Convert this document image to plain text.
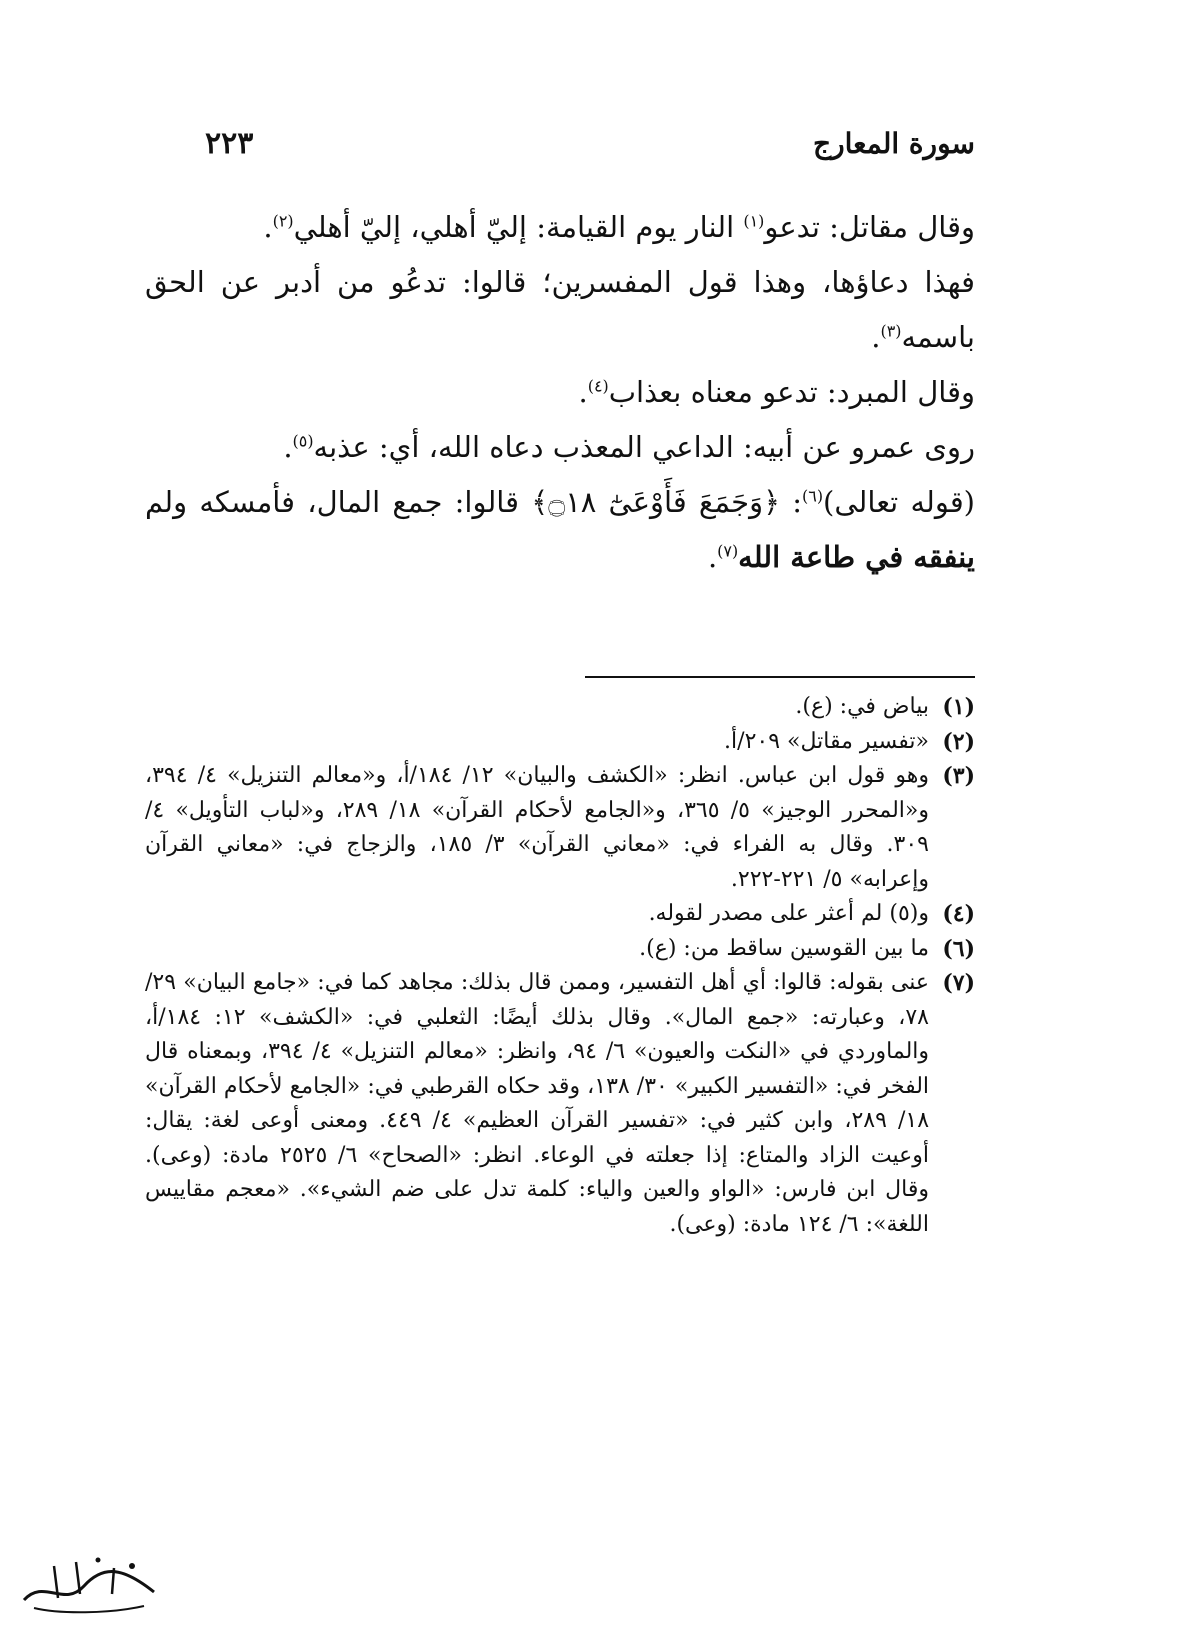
سورة المعارج
٢٢٣

وقال مقاتل: تدعو$^{(١)}$ النار يوم القيامة: إليّ أهلي، إليّ أهلي$^{(٢)}$.

فهذا دعاؤها، وهذا قول المفسرين؛ قالوا: تدعُو من أدبر عن الحق باسمه$^{(٣)}$.

وقال المبرد: تدعو معناه بعذاب$^{(٤)}$.

روى عمرو عن أبيه: الداعي المعذب دعاه الله، أي: عذبه$^{(٥)}$.

(قوله تعالى)$^{(٦)}$: ﴿وَجَمَعَ فَأَوْعَىٰٓ ۝١٨﴾ قالوا: جمع المال، فأمسكه ولم ينفقه في طاعة الله$^{(٧)}$.

(١)
بياض في: (ع).
(٢)
«تفسير مقاتل» ٢٠٩/أ.
(٣)
وهو قول ابن عباس. انظر: «الكشف والبيان» ١٢/ ١٨٤/أ، و«معالم التنزيل» ٤/ ٣٩٤، و«المحرر الوجيز» ٥/ ٣٦٥، و«الجامع لأحكام القرآن» ١٨/ ٢٨٩، و«لباب التأويل» ٤/ ٣٠٩. وقال به الفراء في: «معاني القرآن» ٣/ ١٨٥، والزجاج في: «معاني القرآن وإعرابه» ٥/ ٢٢١-٢٢٢.
(٤)
و(٥) لم أعثر على مصدر لقوله.
(٦)
ما بين القوسين ساقط من: (ع).
(٧)
عنى بقوله: قالوا: أي أهل التفسير، وممن قال بذلك: مجاهد كما في: «جامع البيان» ٢٩/ ٧٨، وعبارته: «جمع المال». وقال بذلك أيضًا: الثعلبي في: «الكشف» ١٢: ١٨٤/أ، والماوردي في «النكت والعيون» ٦/ ٩٤، وانظر: «معالم التنزيل» ٤/ ٣٩٤، وبمعناه قال الفخر في: «التفسير الكبير» ٣٠/ ١٣٨، وقد حكاه القرطبي في: «الجامع لأحكام القرآن» ١٨/ ٢٨٩، وابن كثير في: «تفسير القرآن العظيم» ٤/ ٤٤٩. ومعنى أوعى لغة: يقال: أوعيت الزاد والمتاع: إذا جعلته في الوعاء. انظر: «الصحاح» ٦/ ٢٥٢٥ مادة: (وعى). وقال ابن فارس: «الواو والعين والياء: كلمة تدل على ضم الشيء». «معجم مقاييس اللغة»: ٦/ ١٢٤ مادة: (وعى).
